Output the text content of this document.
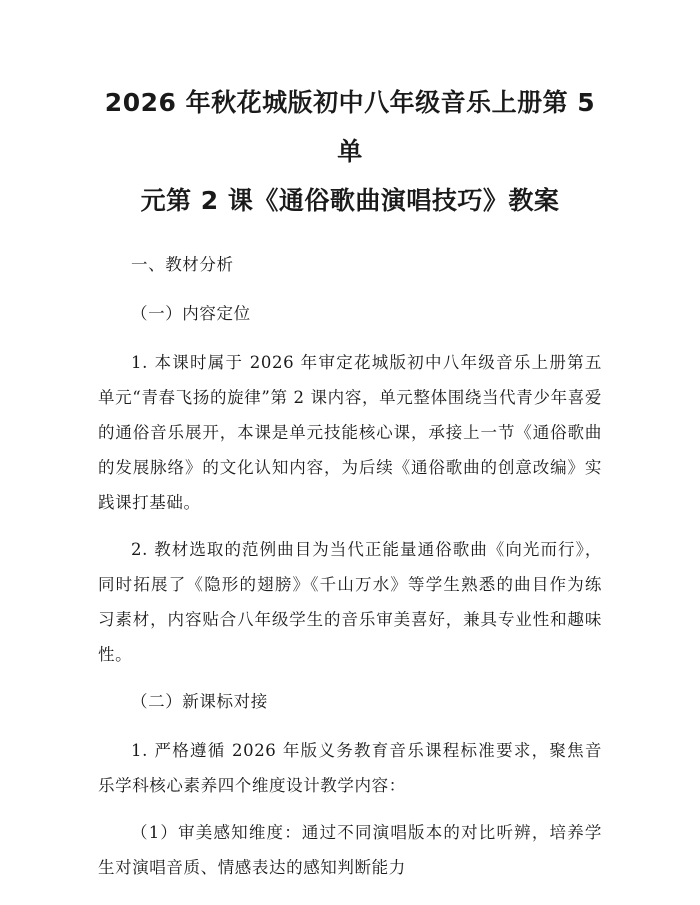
2026 年秋花城版初中八年级音乐上册第 5 单
元第 2 课《通俗歌曲演唱技巧》教案
一、教材分析
（一）内容定位

1. 本课时属于 2026 年审定花城版初中八年级音乐上册第五单元“青春飞扬的旋律”第 2 课内容，单元整体围绕当代青少年喜爱的通俗音乐展开，本课是单元技能核心课，承接上一节《通俗歌曲的发展脉络》的文化认知内容，为后续《通俗歌曲的创意改编》实践课打基础。

2. 教材选取的范例曲目为当代正能量通俗歌曲《向光而行》，同时拓展了《隐形的翅膀》《千山万水》等学生熟悉的曲目作为练习素材，内容贴合八年级学生的音乐审美喜好，兼具专业性和趣味性。

（二）新课标对接

1. 严格遵循 2026 年版义务教育音乐课程标准要求，聚焦音乐学科核心素养四个维度设计教学内容：

（1）审美感知维度：通过不同演唱版本的对比听辨，培养学生对演唱音质、情感表达的感知判断能力
